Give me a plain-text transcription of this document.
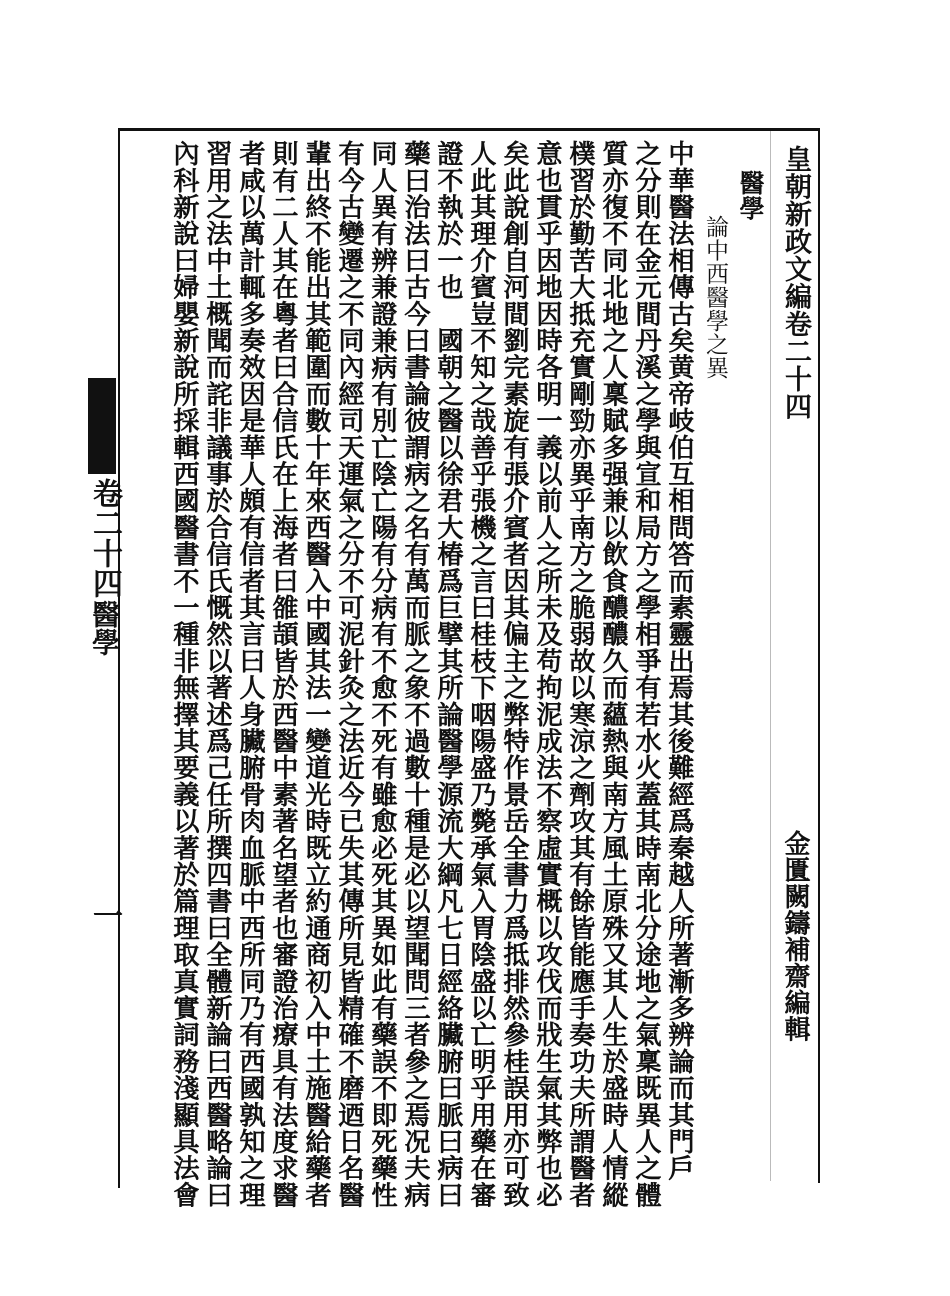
皇朝新政文編卷二十四
金匱闕鑄補齋編輯
醫學
論中西醫學之異
中華醫法相傳古矣黄帝岐伯互相問答而素靈出焉其後難經爲秦越人所著漸多辨論而其門戶
之分則在金元間丹溪之學與宣和局方之學相爭有若水火蓋其時南北分途地之氣稟既異人之體
質亦復不同北地之人稟賦多强兼以飲食醲醲久而蘊熱與南方風土原殊又其人生於盛時人情縱
樸習於勤苦大抵充實剛勁亦異乎南方之脆弱故以寒涼之劑攻其有餘皆能應手奏功夫所謂醫者
意也貫乎因地因時各明一義以前人之所未及苟拘泥成法不察虛實概以攻伐而戕生氣其弊也必
矣此說創自河間劉完素旋有張介賓者因其偏主之弊特作景岳全書力爲抵排然參桂誤用亦可致
人此其理介賓豈不知之哉善乎張機之言曰桂枝下咽陽盛乃斃承氣入胃陰盛以亡明乎用藥在審
證不執於一也　國朝之醫以徐君大椿爲巨擘其所論醫學源流大綱凡七日經絡臟腑曰脈曰病曰
藥曰治法曰古今曰書論彼謂病之名有萬而脈之象不過數十種是必以望聞問三者參之焉况夫病
同人異有辨兼證兼病有別亡陰亡陽有分病有不愈不死有雖愈必死其異如此有藥誤不即死藥性
有今古變遷之不同內經司天運氣之分不可泥針灸之法近今已失其傳所見皆精確不磨迺日名醫
輩出終不能出其範圍而數十年來西醫入中國其法一變道光時既立約通商初入中土施醫給藥者
則有二人其在粵者曰合信氏在上海者曰雒頡皆於西醫中素著名望者也審證治療具有法度求醫
者咸以萬計輒多奏效因是華人頗有信者其言曰人身臟腑骨肉血脈中西所同乃有西國孰知之理
習用之法中土概聞而詫非議事於合信氏慨然以著述爲己任所撰四書曰全體新論曰西醫略論曰
內科新說曰婦嬰新說所採輯西國醫書不一種非無擇其要義以著於篇理取真實詞務淺顯具法會
卷二十四
醫學
一
